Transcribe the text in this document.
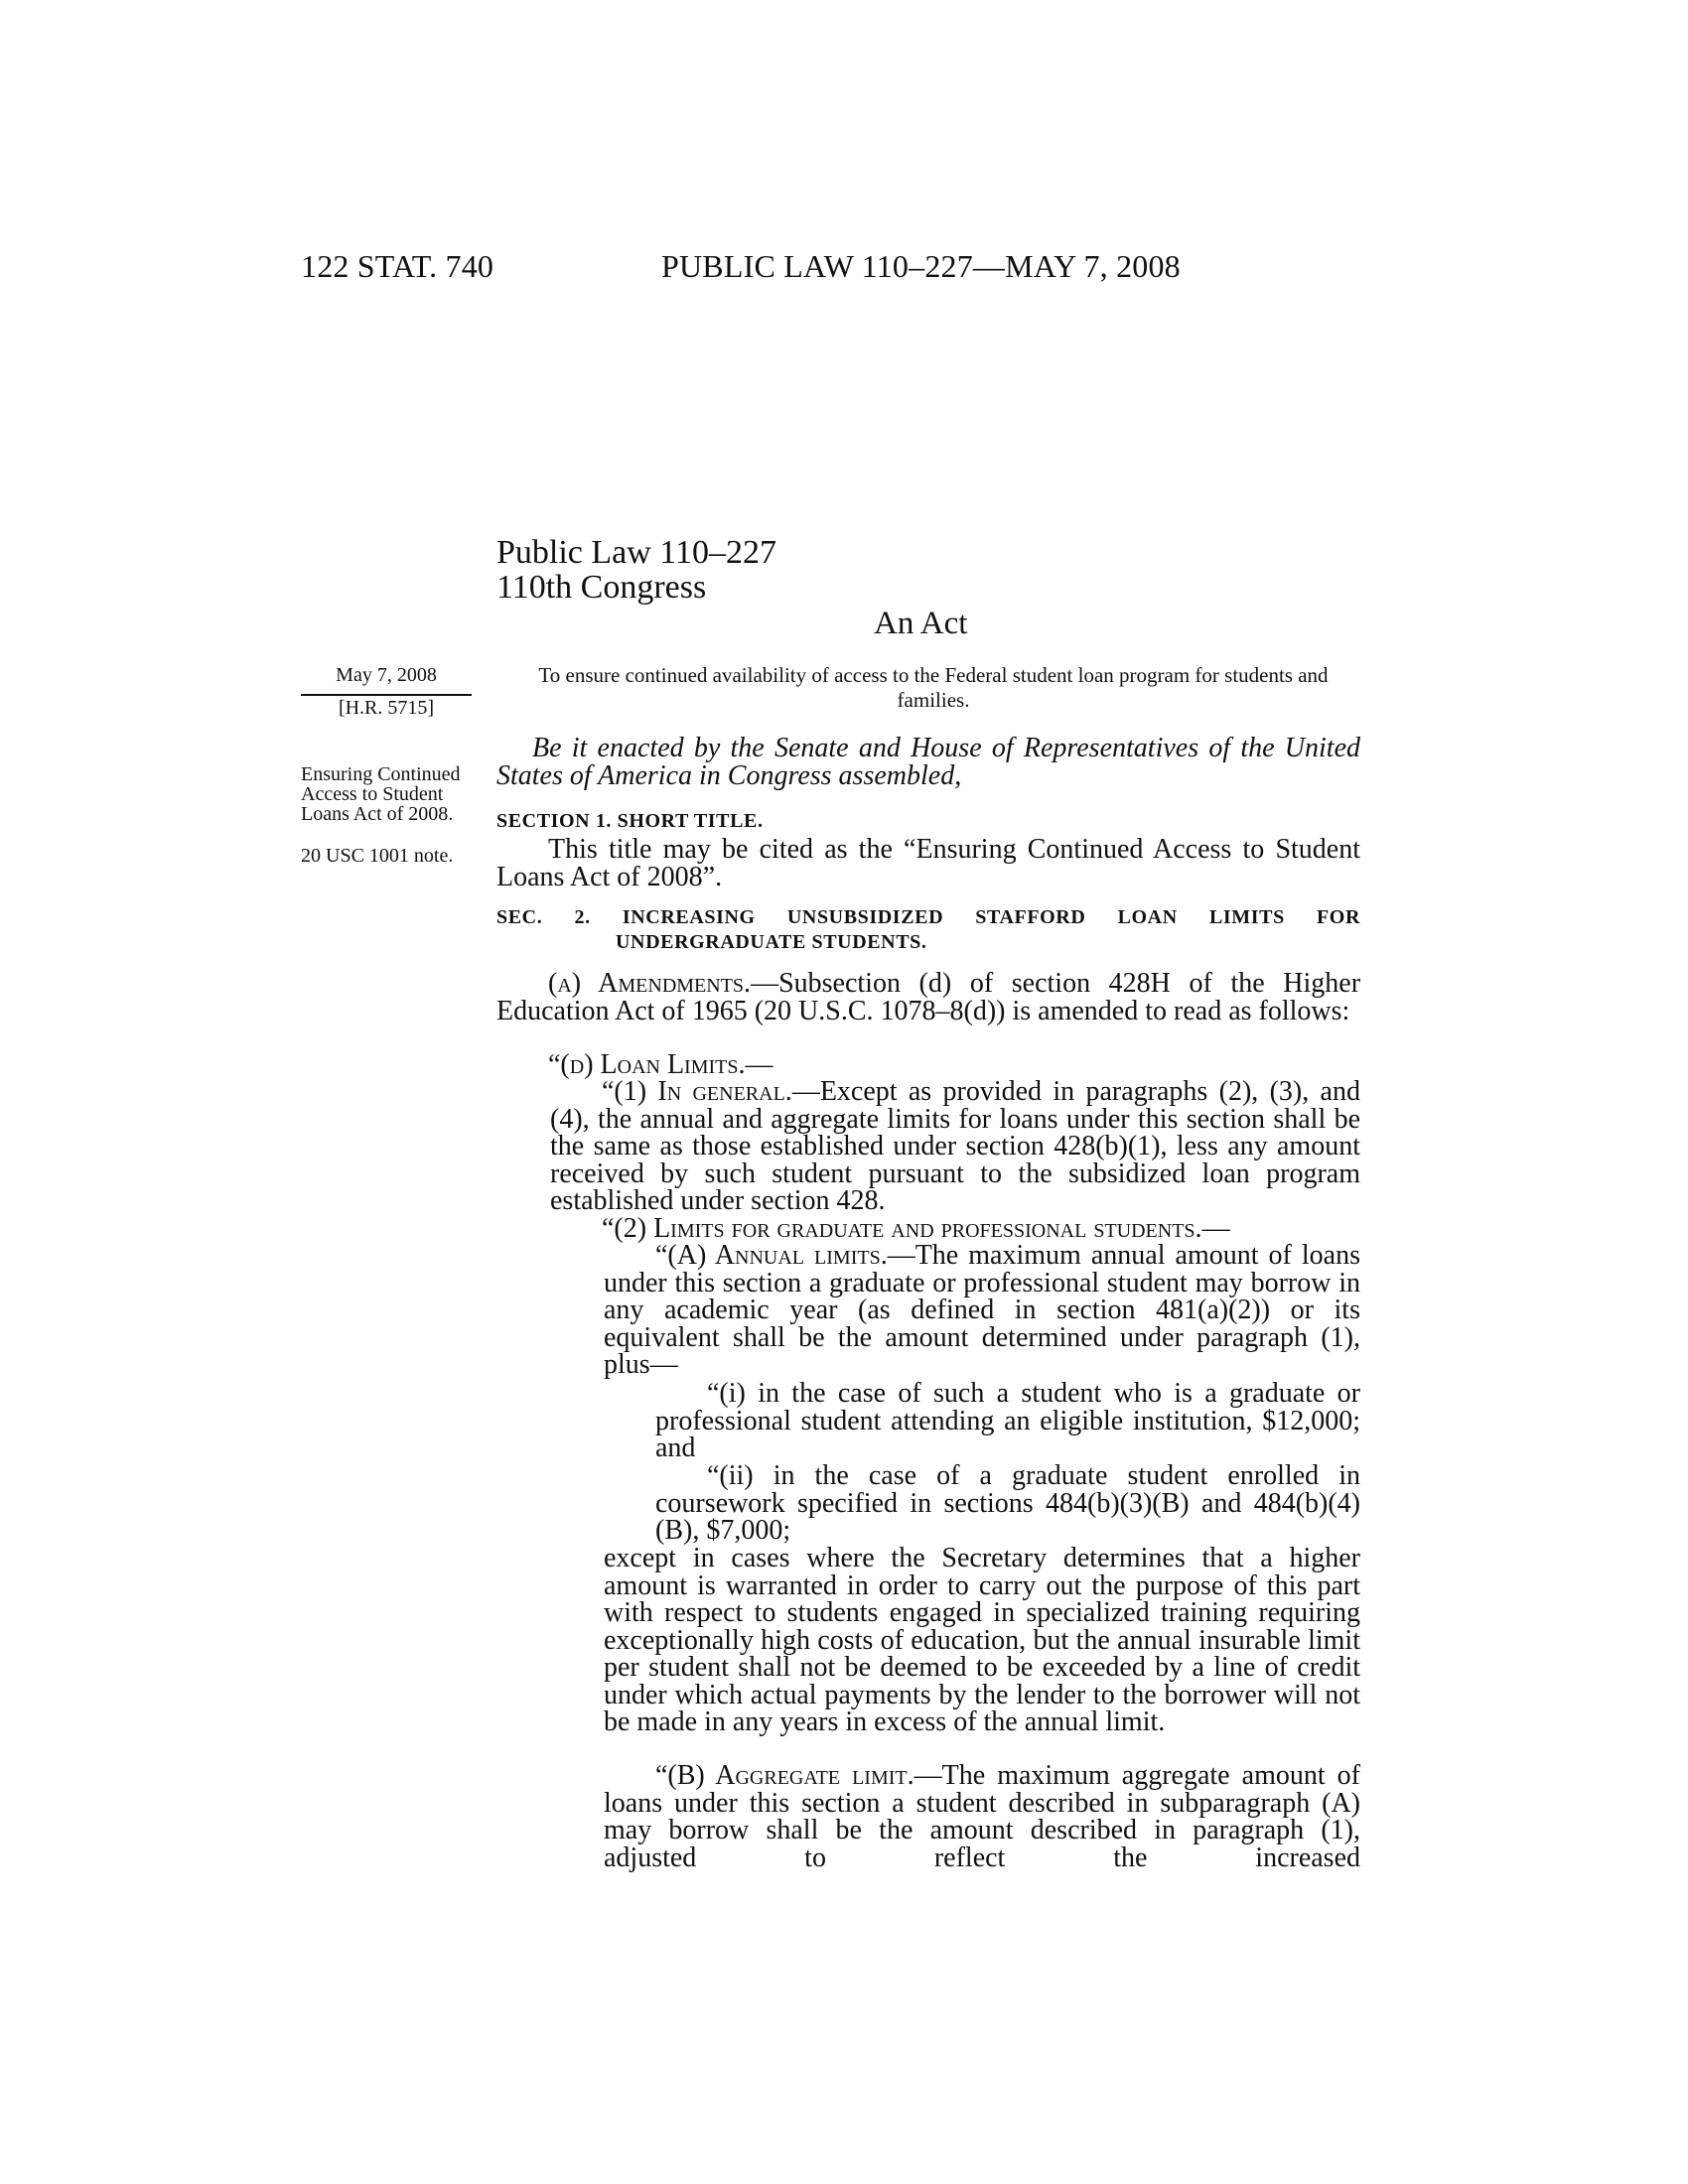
122 STAT. 740	PUBLIC LAW 110–227—MAY 7, 2008
Public Law 110–227
110th Congress
An Act
To ensure continued availability of access to the Federal student loan program for students and families.
May 7, 2008
[H.R. 5715]
Ensuring Continued Access to Student Loans Act of 2008.
20 USC 1001 note.

Be it enacted by the Senate and House of Representatives of the United States of America in Congress assembled,

SECTION 1. SHORT TITLE.

This title may be cited as the “Ensuring Continued Access to Student Loans Act of 2008”.

SEC. 2. INCREASING UNSUBSIDIZED STAFFORD LOAN LIMITS FOR
UNDERGRADUATE STUDENTS.

(a) Amendments.—Subsection (d) of section 428H of the Higher Education Act of 1965 (20 U.S.C. 1078–8(d)) is amended to read as follows:

“(d) Loan Limits.—

“(1) In general.—Except as provided in paragraphs (2), (3), and (4), the annual and aggregate limits for loans under this section shall be the same as those established under section 428(b)(1), less any amount received by such student pursuant to the subsidized loan program established under section 428.

“(2) Limits for graduate and professional students.—

“(A) Annual limits.—The maximum annual amount of loans under this section a graduate or professional student may borrow in any academic year (as defined in section 481(a)(2)) or its equivalent shall be the amount determined under paragraph (1), plus—

“(i) in the case of such a student who is a graduate or professional student attending an eligible institution, $12,000; and

“(ii) in the case of a graduate student enrolled in coursework specified in sections 484(b)(3)(B) and 484(b)(4)(B), $7,000;

except in cases where the Secretary determines that a higher amount is warranted in order to carry out the purpose of this part with respect to students engaged in specialized training requiring exceptionally high costs of education, but the annual insurable limit per student shall not be deemed to be exceeded by a line of credit under which actual payments by the lender to the borrower will not be made in any years in excess of the annual limit.

“(B) Aggregate limit.—The maximum aggregate amount of loans under this section a student described in subparagraph (A) may borrow shall be the amount described in paragraph (1), adjusted to reflect the increased
